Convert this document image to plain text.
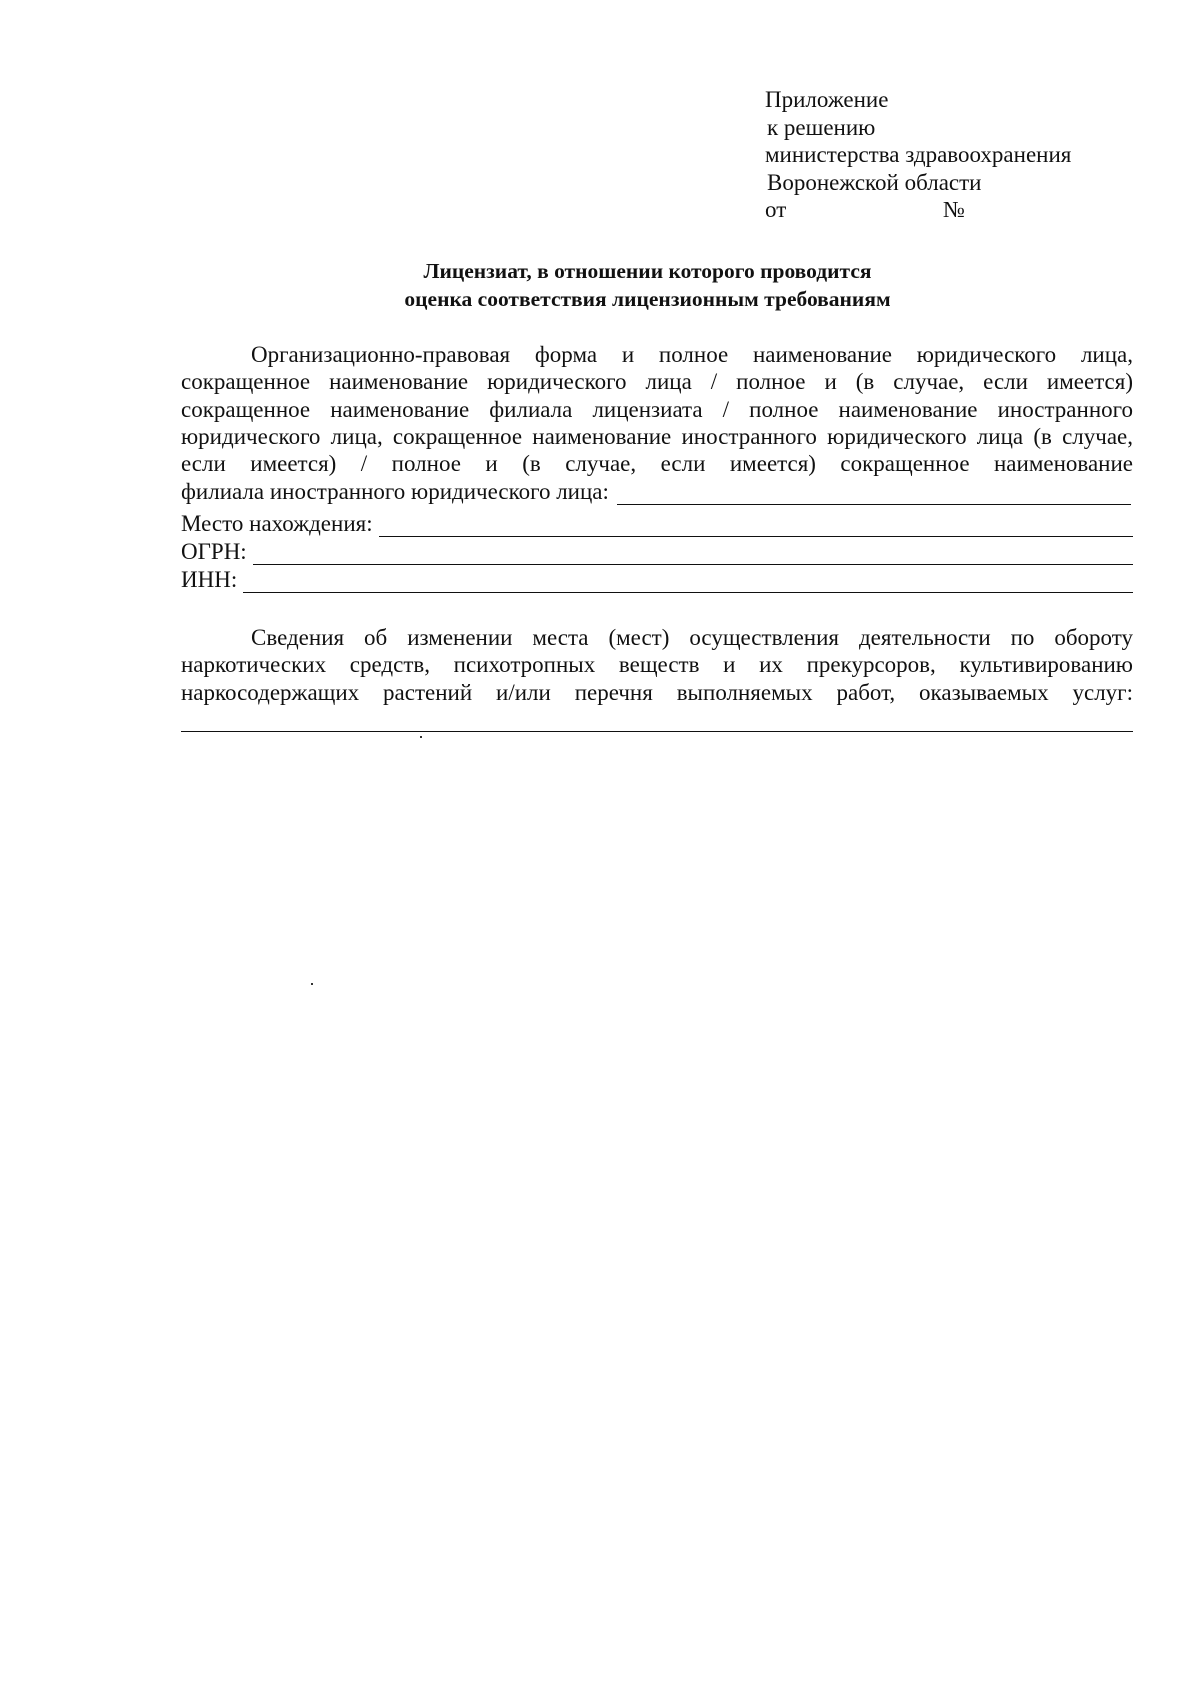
Приложение
к решению
министерства здравоохранения
Воронежской области
от	№
Лицензиат, в отношении которого проводится
оценка соответствия лицензионным требованиям
Организационно-правовая форма и полное наименование юридического лица, сокращенное наименование юридического лица / полное и (в случае, если имеется) сокращенное наименование филиала лицензиата / полное наименование иностранного юридического лица, сокращенное наименование иностранного юридического лица (в случае, если имеется) / полное и (в случае, если имеется) сокращенное наименование
филиала иностранного юридического лица:
Место нахождения:
ОГРН:
ИНН:
Сведения об изменении места (мест) осуществления деятельности по обороту наркотических средств, психотропных веществ и их прекурсоров, культивированию наркосодержащих растений и/или перечня выполняемых работ, оказываемых услуг:
